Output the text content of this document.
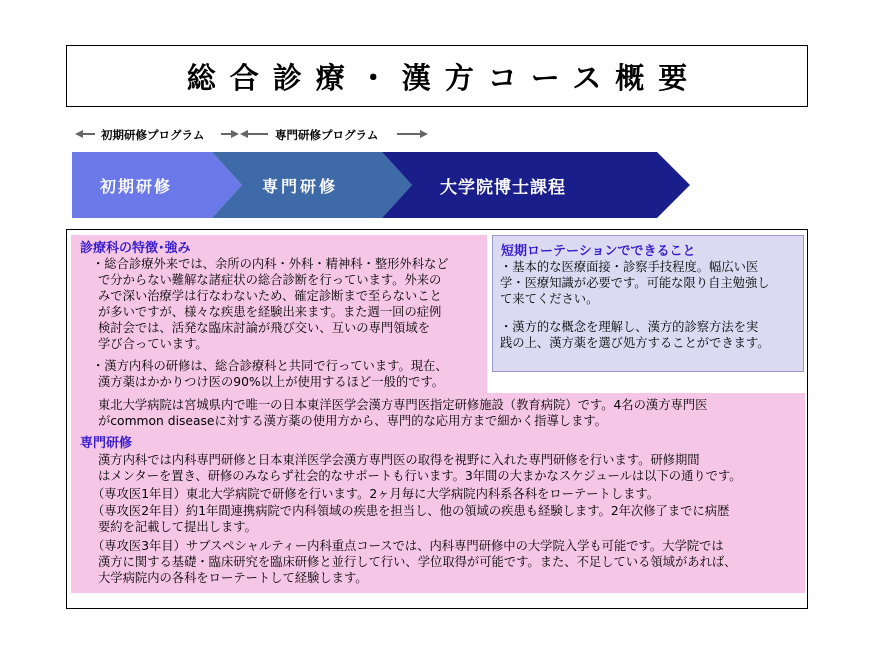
総合診療・漢方コース概要
初期研修プログラム	専門研修プログラム
初期研修	専門研修	大学院博士課程
診療科の特徴･強み
・総合診療外来では、余所の内科・外科・精神科・整形外科など
で分からない難解な諸症状の総合診断を行っています。外来の
みで深い治療学は行なわないため、確定診断まで至らないこと
が多いですが、様々な疾患を経験出来ます。また週一回の症例
検討会では、活発な臨床討論が飛び交い、互いの専門領域を
学び合っています。
・漢方内科の研修は、総合診療科と共同で行っています。現在、
漢方薬はかかりつけ医の90%以上が使用するほど一般的です。
東北大学病院は宮城県内で唯一の日本東洋医学会漢方専門医指定研修施設（教育病院）です。4名の漢方専門医
がcommon diseaseに対する漢方薬の使用方から、専門的な応用方まで細かく指導します。
短期ローテーションでできること
・基本的な医療面接・診察手技程度。幅広い医
学・医療知識が必要です。可能な限り自主勉強し
て来てください。
・漢方的な概念を理解し、漢方的診察方法を実
践の上、漢方薬を選び処方することができます。
専門研修
漢方内科では内科専門研修と日本東洋医学会漢方専門医の取得を視野に入れた専門研修を行います。研修期間
はメンターを置き、研修のみならず社会的なサポートも行います。3年間の大まかなスケジュールは以下の通りです。
（専攻医1年目）東北大学病院で研修を行います。2ヶ月毎に大学病院内科系各科をローテートします。
（専攻医2年目）約1年間連携病院で内科領域の疾患を担当し、他の領域の疾患も経験します。2年次修了までに病歴
要約を記載して提出します。
（専攻医3年目）サブスペシャルティー内科重点コースでは、内科専門研修中の大学院入学も可能です。大学院では
漢方に関する基礎・臨床研究を臨床研修と並行して行い、学位取得が可能です。また、不足している領域があれば、
大学病院内の各科をローテートして経験します。
